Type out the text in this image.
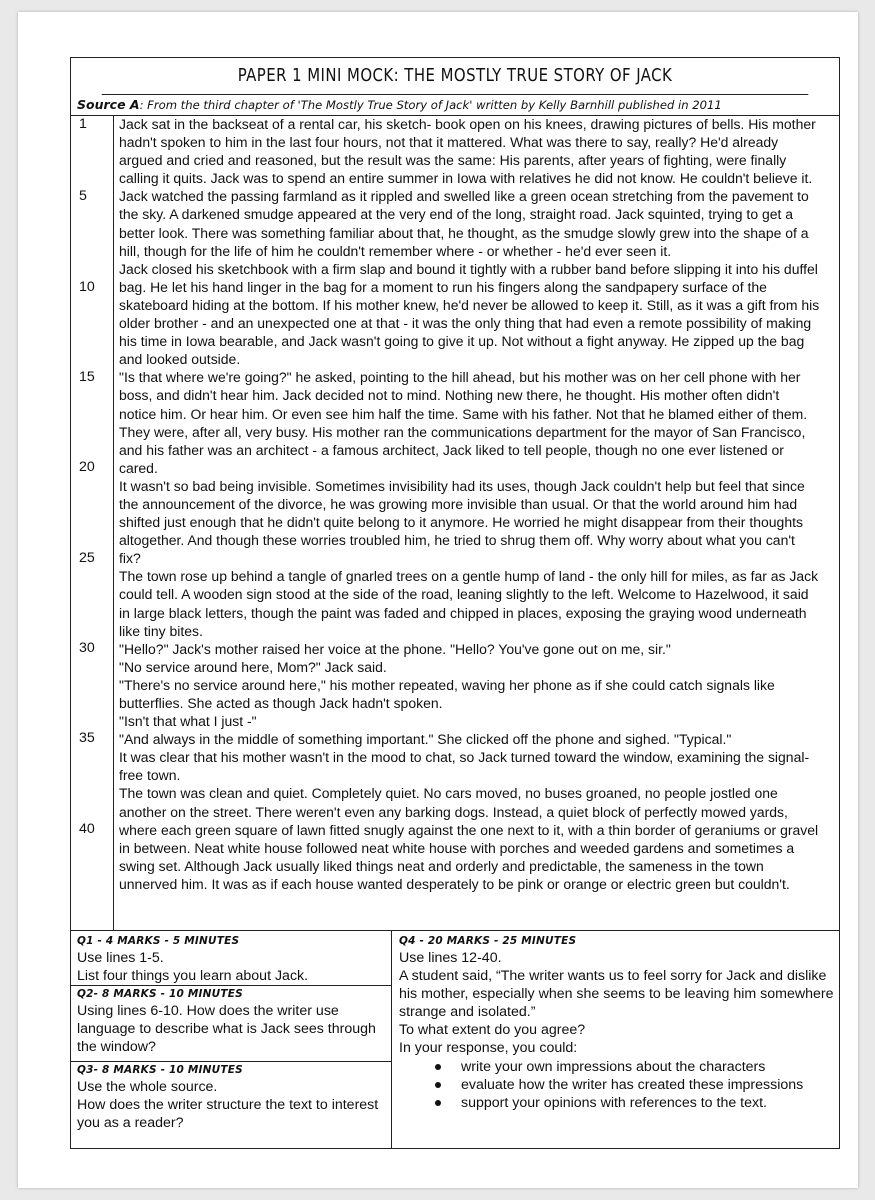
PAPER 1 MINI MOCK: THE MOSTLY TRUE STORY OF JACK
Source A: From the third chapter of 'The Mostly True Story of Jack' written by Kelly Barnhill published in 2011
1
5
10
15
20
25
30
35
40

Jack sat in the backseat of a rental car, his sketch- book open on his knees, drawing pictures of bells. His mother hadn't spoken to him in the last four hours, not that it mattered. What was there to say, really? He'd already argued and cried and reasoned, but the result was the same: His parents, after years of fighting, were finally calling it quits. Jack was to spend an entire summer in Iowa with relatives he did not know. He couldn't believe it.

Jack watched the passing farmland as it rippled and swelled like a green ocean stretching from the pavement to the sky. A darkened smudge appeared at the very end of the long, straight road. Jack squinted, trying to get a better look. There was something familiar about that, he thought, as the smudge slowly grew into the shape of a hill, though for the life of him he couldn't remember where - or whether - he'd ever seen it.

Jack closed his sketchbook with a firm slap and bound it tightly with a rubber band before slipping it into his duffel bag. He let his hand linger in the bag for a moment to run his fingers along the sandpapery surface of the skateboard hiding at the bottom. If his mother knew, he'd never be allowed to keep it. Still, as it was a gift from his older brother - and an unexpected one at that - it was the only thing that had even a remote possibility of making his time in Iowa bearable, and Jack wasn't going to give it up. Not without a fight anyway. He zipped up the bag and looked outside.

"Is that where we're going?" he asked, pointing to the hill ahead, but his mother was on her cell phone with her boss, and didn't hear him. Jack decided not to mind. Nothing new there, he thought. His mother often didn't notice him. Or hear him. Or even see him half the time. Same with his father. Not that he blamed either of them. They were, after all, very busy. His mother ran the communications department for the mayor of San Francisco, and his father was an architect - a famous architect, Jack liked to tell people, though no one ever listened or cared.

It wasn't so bad being invisible. Sometimes invisibility had its uses, though Jack couldn't help but feel that since the announcement of the divorce, he was growing more invisible than usual. Or that the world around him had shifted just enough that he didn't quite belong to it anymore. He worried he might disappear from their thoughts altogether. And though these worries troubled him, he tried to shrug them off. Why worry about what you can't fix?

The town rose up behind a tangle of gnarled trees on a gentle hump of land - the only hill for miles, as far as Jack could tell. A wooden sign stood at the side of the road, leaning slightly to the left. Welcome to Hazelwood, it said in large black letters, though the paint was faded and chipped in places, exposing the graying wood underneath like tiny bites.

"Hello?" Jack's mother raised her voice at the phone. "Hello? You've gone out on me, sir."

"No service around here, Mom?" Jack said.

"There's no service around here," his mother repeated, waving her phone as if she could catch signals like butterflies. She acted as though Jack hadn't spoken.

"Isn't that what I just -"

"And always in the middle of something important." She clicked off the phone and sighed. "Typical."

It was clear that his mother wasn't in the mood to chat, so Jack turned toward the window, examining the signal-free town.

The town was clean and quiet. Completely quiet. No cars moved, no buses groaned, no people jostled one another on the street. There weren't even any barking dogs. Instead, a quiet block of perfectly mowed yards, where each green square of lawn fitted snugly against the one next to it, with a thin border of geraniums or gravel in between. Neat white house followed neat white house with porches and weeded gardens and sometimes a swing set. Although Jack usually liked things neat and orderly and predictable, the sameness in the town unnerved him. It was as if each house wanted desperately to be pink or orange or electric green but couldn't.

Q1 - 4 MARKS - 5 MINUTES
Use lines 1-5.
List four things you learn about Jack.
Q2- 8 MARKS - 10 MINUTES
Using lines 6-10. How does the writer use language to describe what is Jack sees through the window?
Q3- 8 MARKS - 10 MINUTES
Use the whole source.
How does the writer structure the text to interest you as a reader?
Q4 - 20 MARKS - 25 MINUTES
Use lines 12-40.
A student said, “The writer wants us to feel sorry for Jack and dislike his mother, especially when she seems to be leaving him somewhere strange and isolated.”
To what extent do you agree?
In your response, you could:
write your own impressions about the characters
evaluate how the writer has created these impressions
support your opinions with references to the text.
